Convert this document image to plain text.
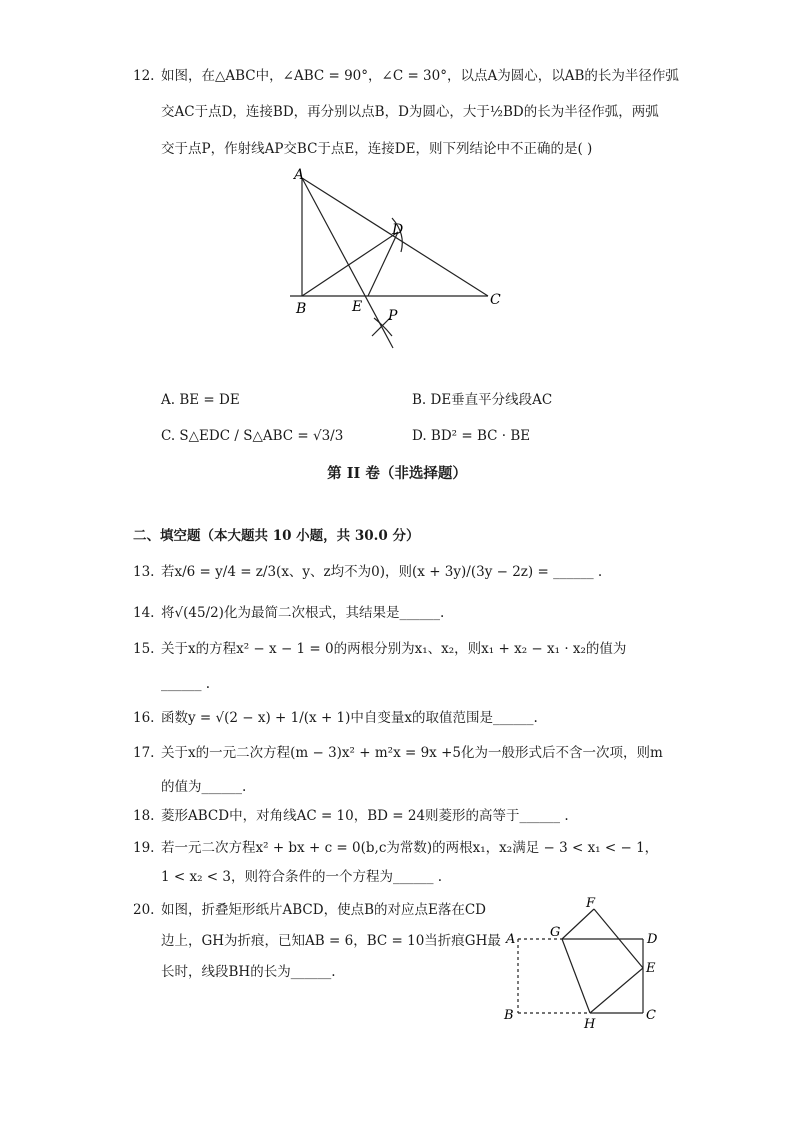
12. 如图，在△ABC中，∠ABC = 90°，∠C = 30°，以点A为圆心，以AB的长为半径作弧
交AC于点D，连接BD，再分别以点B，D为圆心，大于½BD的长为半径作弧，两弧
交于点P，作射线AP交BC于点E，连接DE，则下列结论中不正确的是( )
A
B
C
D
E
P
A. BE = DE	B. DE垂直平分线段AC
C. S△EDC / S△ABC = √3/3	D. BD² = BC · BE
第 II 卷（非选择题）
二、填空题（本大题共 10 小题，共 30.0 分）
13. 若x/6 = y/4 = z/3(x、y、z均不为0)，则(x + 3y)/(3y − 2z) = ______ .
14. 将√(45/2)化为最简二次根式，其结果是______.
15. 关于x的方程x² − x − 1 = 0的两根分别为x₁、x₂，则x₁ + x₂ − x₁ · x₂的值为
______ .
16. 函数y = √(2 − x) + 1/(x + 1)中自变量x的取值范围是______.
17. 关于x的一元二次方程(m − 3)x² + m²x = 9x +5化为一般形式后不含一次项，则m
的值为______.
18. 菱形ABCD中，对角线AC = 10，BD = 24则菱形的高等于______ .
19. 若一元二次方程x² + bx + c = 0(b,c为常数)的两根x₁，x₂满足 − 3 < x₁ < − 1，
1 < x₂ < 3，则符合条件的一个方程为______ .
20. 如图，折叠矩形纸片ABCD，使点B的对应点E落在CD
边上，GH为折痕，已知AB = 6，BC = 10当折痕GH最
长时，线段BH的长为______.
A
B	C
D
E
F
G
H
